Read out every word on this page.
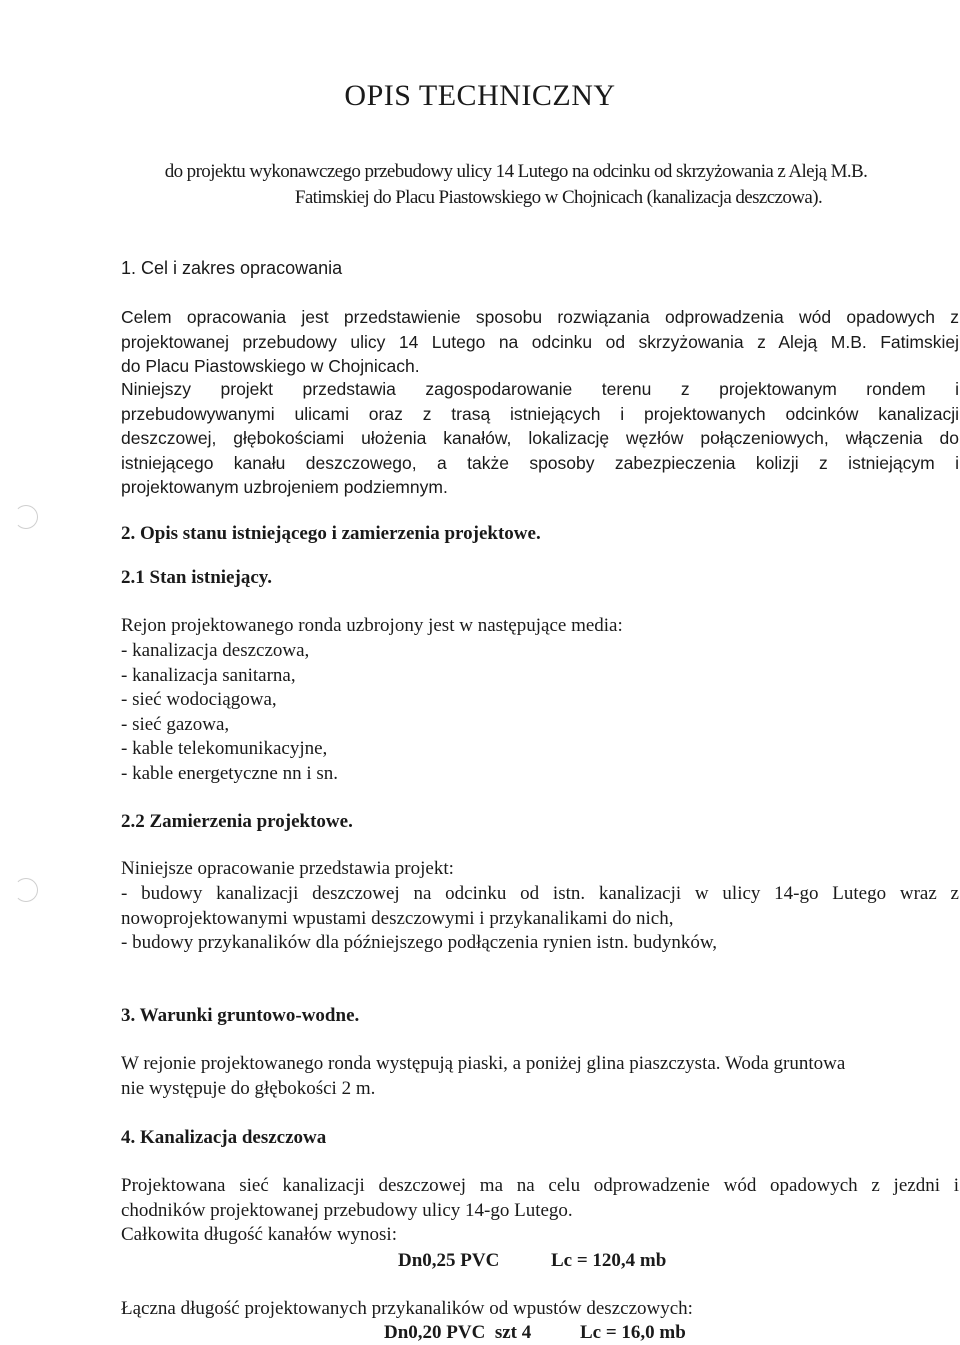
OPIS TECHNICZNY
do projektu wykonawczego przebudowy ulicy 14 Lutego na odcinku od skrzyżowania z Aleją M.B.
Fatimskiej do Placu Piastowskiego w Chojnicach (kanalizacja deszczowa).
1. Cel i zakres opracowania
Celem opracowania jest przedstawienie sposobu rozwiązania odprowadzenia wód opadowych z
projektowanej przebudowy ulicy 14 Lutego na odcinku od skrzyżowania z Aleją M.B. Fatimskiej
do Placu Piastowskiego w Chojnicach.
Niniejszy projekt przedstawia zagospodarowanie terenu z projektowanym rondem i
przebudowywanymi ulicami oraz z trasą istniejących i projektowanych odcinków kanalizacji
deszczowej, głębokościami ułożenia kanałów, lokalizację węzłów połączeniowych, włączenia do
istniejącego kanału deszczowego, a także sposoby zabezpieczenia kolizji z istniejącym i
projektowanym uzbrojeniem podziemnym.
2. Opis stanu istniejącego i zamierzenia projektowe.
2.1 Stan istniejący.
Rejon projektowanego ronda uzbrojony jest w następujące media:
- kanalizacja deszczowa,
- kanalizacja sanitarna,
- sieć wodociągowa,
- sieć gazowa,
- kable telekomunikacyjne,
- kable energetyczne nn i sn.
2.2 Zamierzenia projektowe.
Niniejsze opracowanie przedstawia projekt:
- budowy kanalizacji deszczowej na odcinku od istn. kanalizacji w ulicy 14-go Lutego wraz z
nowoprojektowanymi wpustami deszczowymi i przykanalikami do nich,
- budowy przykanalików dla późniejszego podłączenia rynien istn. budynków,
3. Warunki gruntowo-wodne.
W rejonie projektowanego ronda występują piaski, a poniżej glina piaszczysta. Woda gruntowa
nie występuje do głębokości 2 m.
4. Kanalizacja deszczowa
Projektowana sieć kanalizacji deszczowej ma na celu odprowadzenie wód opadowych z jezdni i
chodników projektowanej przebudowy ulicy 14-go Lutego.
Całkowita długość kanałów wynosi:
Dn0,25 PVC	Lc = 120,4 mb
Łączna długość projektowanych przykanalików od wpustów deszczowych:
Dn0,20 PVC  szt 4	Lc = 16,0 mb
